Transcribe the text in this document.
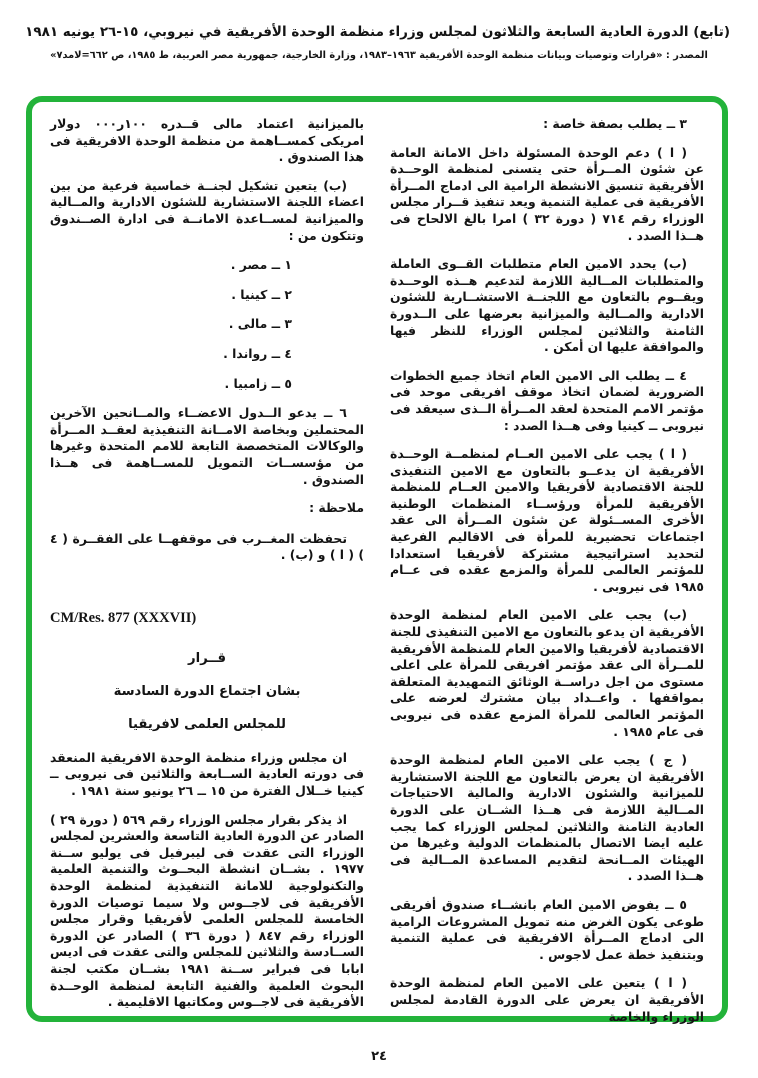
(تابع) الدورة العادية السابعة والثلاثون لمجلس وزراء منظمة الوحدة الأفريقية في نيروبي، ١٥-٢٦ يونيه ١٩٨١
المصدر : «قرارات وتوصيات وبيانات منظمة الوحدة الأفريقية ١٩٦٣–١٩٨٣، وزارة الخارجية، جمهورية مصر العربية، ط ١٩٨٥، ص ٦٦٢=لامد٧»

٣ ــ يطلب بصفة خاصة :

( ا ) دعم الوحدة المسئولة داخل الامانة العامة عن شئون المــرأة حتى يتسنى لمنظمة الوحــدة الأفريقية تنسيق الانشطة الرامية الى ادماج المــرأة الأفريقية فى عملية التنمية ويعد تنفيذ قــرار مجلس الوزراء رقم ٧١٤ ( دورة ٣٢ ) امرا بالغ الالحاح فى هــذا الصدد .

(ب) يحدد الامين العام متطلبات القــوى العاملة والمتطلبات المــالية اللازمة لتدعيم هــذه الوحــدة ويقــوم بالتعاون مع اللجنــة الاستشــارية للشئون الادارية والمــالية والميزانية بعرضها على الــدورة الثامنة والثلاثين لمجلس الوزراء للنظر فيها والموافقة عليها ان أمكن .

٤ ــ يطلب الى الامين العام اتخاذ جميع الخطوات الضرورية لضمان اتخاذ موقف افريقى موحد فى مؤتمر الامم المتحدة لعقد المــرأة الــذى سيعقد فى نيروبى ــ كينيا وفى هــذا الصدد :

( ا ) يجب على الامين العــام لمنظمــة الوحــدة الأفريقية ان يدعــو بالتعاون مع الامين التنفيذى للجنة الاقتصادية لأفريقيا والامين العــام للمنظمة الأفريقية للمرأة ورؤســاء المنظمات الوطنية الأخرى المســئولة عن شئون المــرأة الى عقد اجتماعات تحضيرية للمرأة فى الاقاليم الفرعية لتحديد استراتيجية مشتركة لأفريقيا استعدادا للمؤتمر العالمى للمرأة والمزمع عقده فى عــام ١٩٨٥ فى نيروبى .

(ب) يجب على الامين العام لمنظمة الوحدة الأفريقية ان يدعو بالتعاون مع الامين التنفيذى للجنة الاقتصادية لأفريقيا والامين العام للمنظمة الأفريقية للمــرأة الى عقد مؤتمر افريقى للمرأة على اعلى مستوى من اجل دراســة الوثائق التمهيدية المتعلقة بمواقفها . واعــداد بيان مشترك لعرضه على المؤتمر العالمى للمرأة المزمع عقده فى نيروبى فى عام ١٩٨٥ .

( ج ) يجب على الامين العام لمنظمة الوحدة الأفريقية ان يعرض بالتعاون مع اللجنة الاستشارية للميزانية والشئون الادارية والمالية الاحتياجات المــالية اللازمة فى هــذا الشــان على الدورة العادية الثامنة والثلاثين لمجلس الوزراء كما يجب عليه ايضا الاتصال بالمنظمات الدولية وغيرها من الهيئات المــانحة لتقديم المساعدة المــالية فى هــذا الصدد .

٥ ــ يفوض الامين العام بانشــاء صندوق أفريقى طوعى يكون الغرض منه تمويل المشروعات الرامية الى ادماج المــرأة الافريقية فى عملية التنمية وبتنفيذ خطة عمل لاجوس .

( ا ) يتعين على الامين العام لمنظمة الوحدة الأفريقية ان يعرض على الدورة القادمة لمجلس الوزراء والخاصة

بالميزانية اعتماد مالى قــدره ١٠٠ر٠٠٠ دولار امريكى كمســاهمة من منظمة الوحدة الافريقية فى هذا الصندوق .

(ب) يتعين تشكيل لجنــة خماسية فرعية من بين اعضاء اللجنة الاستشارية للشئون الادارية والمــالية والميزانية لمســاعدة الامانــة فى ادارة الصــندوق وتتكون من :

١ ــ مصر .
٢ ــ كينيا .
٣ ــ مالى .
٤ ــ رواندا .
٥ ــ زامبيا .

٦ ــ يدعو الــدول الاعضــاء والمــانحين الآخرين المحتملين وبخاصة الامــانة التنفيذية لعقــد المــرأة والوكالات المتخصصة التابعة للامم المتحدة وغيرها من مؤسســات التمويل للمســاهمة فى هــذا الصندوق .

ملاحظة :

تحفظت المغــرب فى موقفهــا على الفقــرة ( ٤ ) ( ا ) و (ب) .

CM/Res. 877 (XXXVII)

قــرار
بشان اجتماع الدورة السادسة
للمجلس العلمى لافريقيا

ان مجلس وزراء منظمة الوحدة الافريقية المنعقد فى دورته العادية الســابعة والثلاثين فى نيروبى ــ كينيا خــلال الفترة من ١٥ ــ ٢٦ يونيو سنة ١٩٨١ .

اذ يذكر بقرار مجلس الوزراء رقم ٥٦٩ ( دورة ٢٩ ) الصادر عن الدورة العادية التاسعة والعشرين لمجلس الوزراء التى عقدت فى ليبرفيل فى يوليو ســنة ١٩٧٧ . بشــان انشطة البحــوث والتنمية العلمية والتكنولوجية للامانة التنفيذية لمنظمة الوحدة الأفريقية فى لاجــوس ولا سيما توصيات الدورة الخامسة للمجلس العلمى لأفريقيا وقرار مجلس الوزراء رقم ٨٤٧ ( دورة ٣٦ ) الصادر عن الدورة الســادسة والثلاثين للمجلس والتى عقدت فى اديس ابابا فى فبراير ســنة ١٩٨١ بشــان مكتب لجنة البحوث العلمية والفنية التابعة لمنظمة الوحــدة الأفريقية فى لاجــوس ومكاتبها الاقليمية .

٢٤
